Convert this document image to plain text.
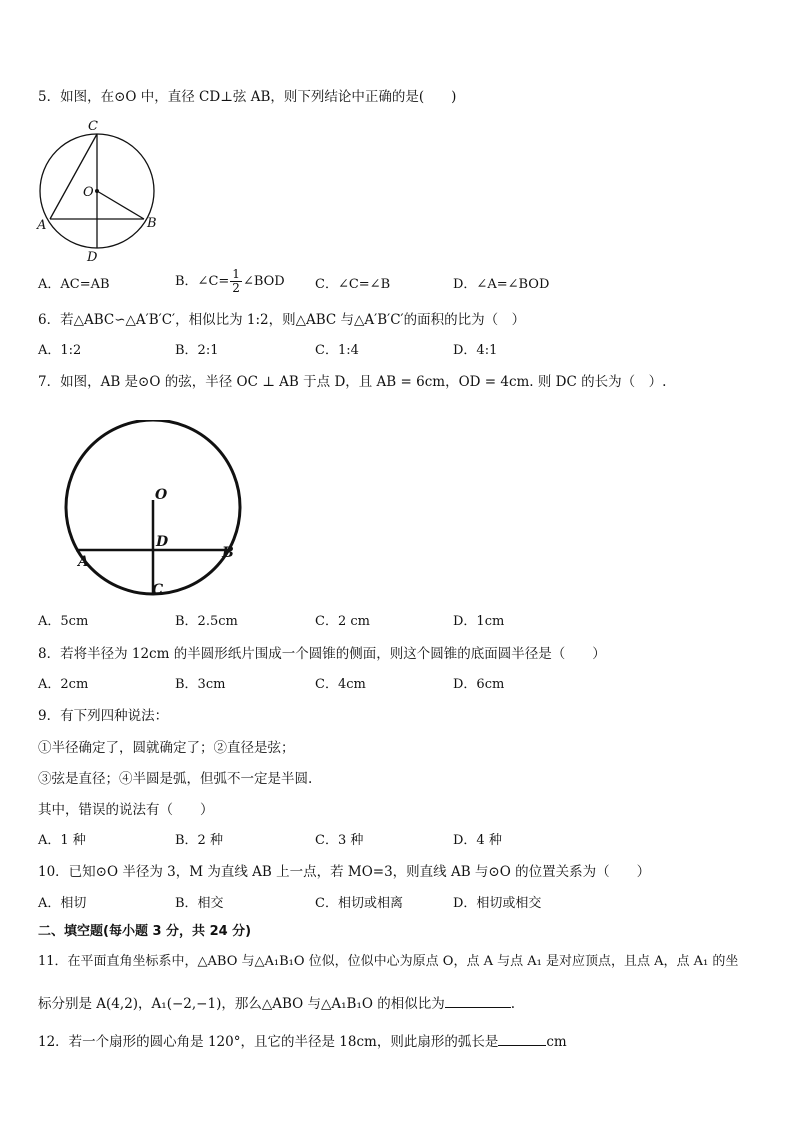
5．如图，在⊙O 中，直径 CD⊥弦 AB，则下列结论中正确的是(　　)
C
O
A	B
D
A．AC=AB	B．∠C= $\frac{1}{2}$ ∠BOD C．∠C=∠B	D．∠A=∠BOD
6．若△ABC∽△A′B′C′，相似比为 1:2，则△ABC 与△A′B′C′的面积的比为（　）
A．1:2	B．2:1	C．1:4	D．4:1
7．如图，AB 是⊙O 的弦，半径 OC ⊥ AB 于点 D，且 AB = 6cm，OD = 4cm. 则 DC 的长为（　）.
O
D
A
B
C
A．5cm	B．2.5cm	C．2 cm	D．1cm
8．若将半径为 12cm 的半圆形纸片围成一个圆锥的侧面，则这个圆锥的底面圆半径是（　　）
A．2cm	B．3cm	C．4cm	D．6cm
9．有下列四种说法：
①半径确定了，圆就确定了；②直径是弦；
③弦是直径；④半圆是弧，但弧不一定是半圆.
其中，错误的说法有（　　）
A．1 种	B．2 种	C．3 种	D．4 种
10．已知⊙O 半径为 3，M 为直线 AB 上一点，若 MO=3，则直线 AB 与⊙O 的位置关系为（　　）
A．相切	B．相交	C．相切或相离	D．相切或相交
二、填空题(每小题 3 分，共 24 分)
11．在平面直角坐标系中，△ABO 与△A₁B₁O 位似，位似中心为原点 O，点 A 与点 A₁ 是对应顶点，且点 A，点 A₁ 的坐
标分别是 A(4,2)，A₁(−2,−1)，那么△ABO 与△A₁B₁O 的相似比为	.
12．若一个扇形的圆心角是 120°，且它的半径是 18cm，则此扇形的弧长是	cm
